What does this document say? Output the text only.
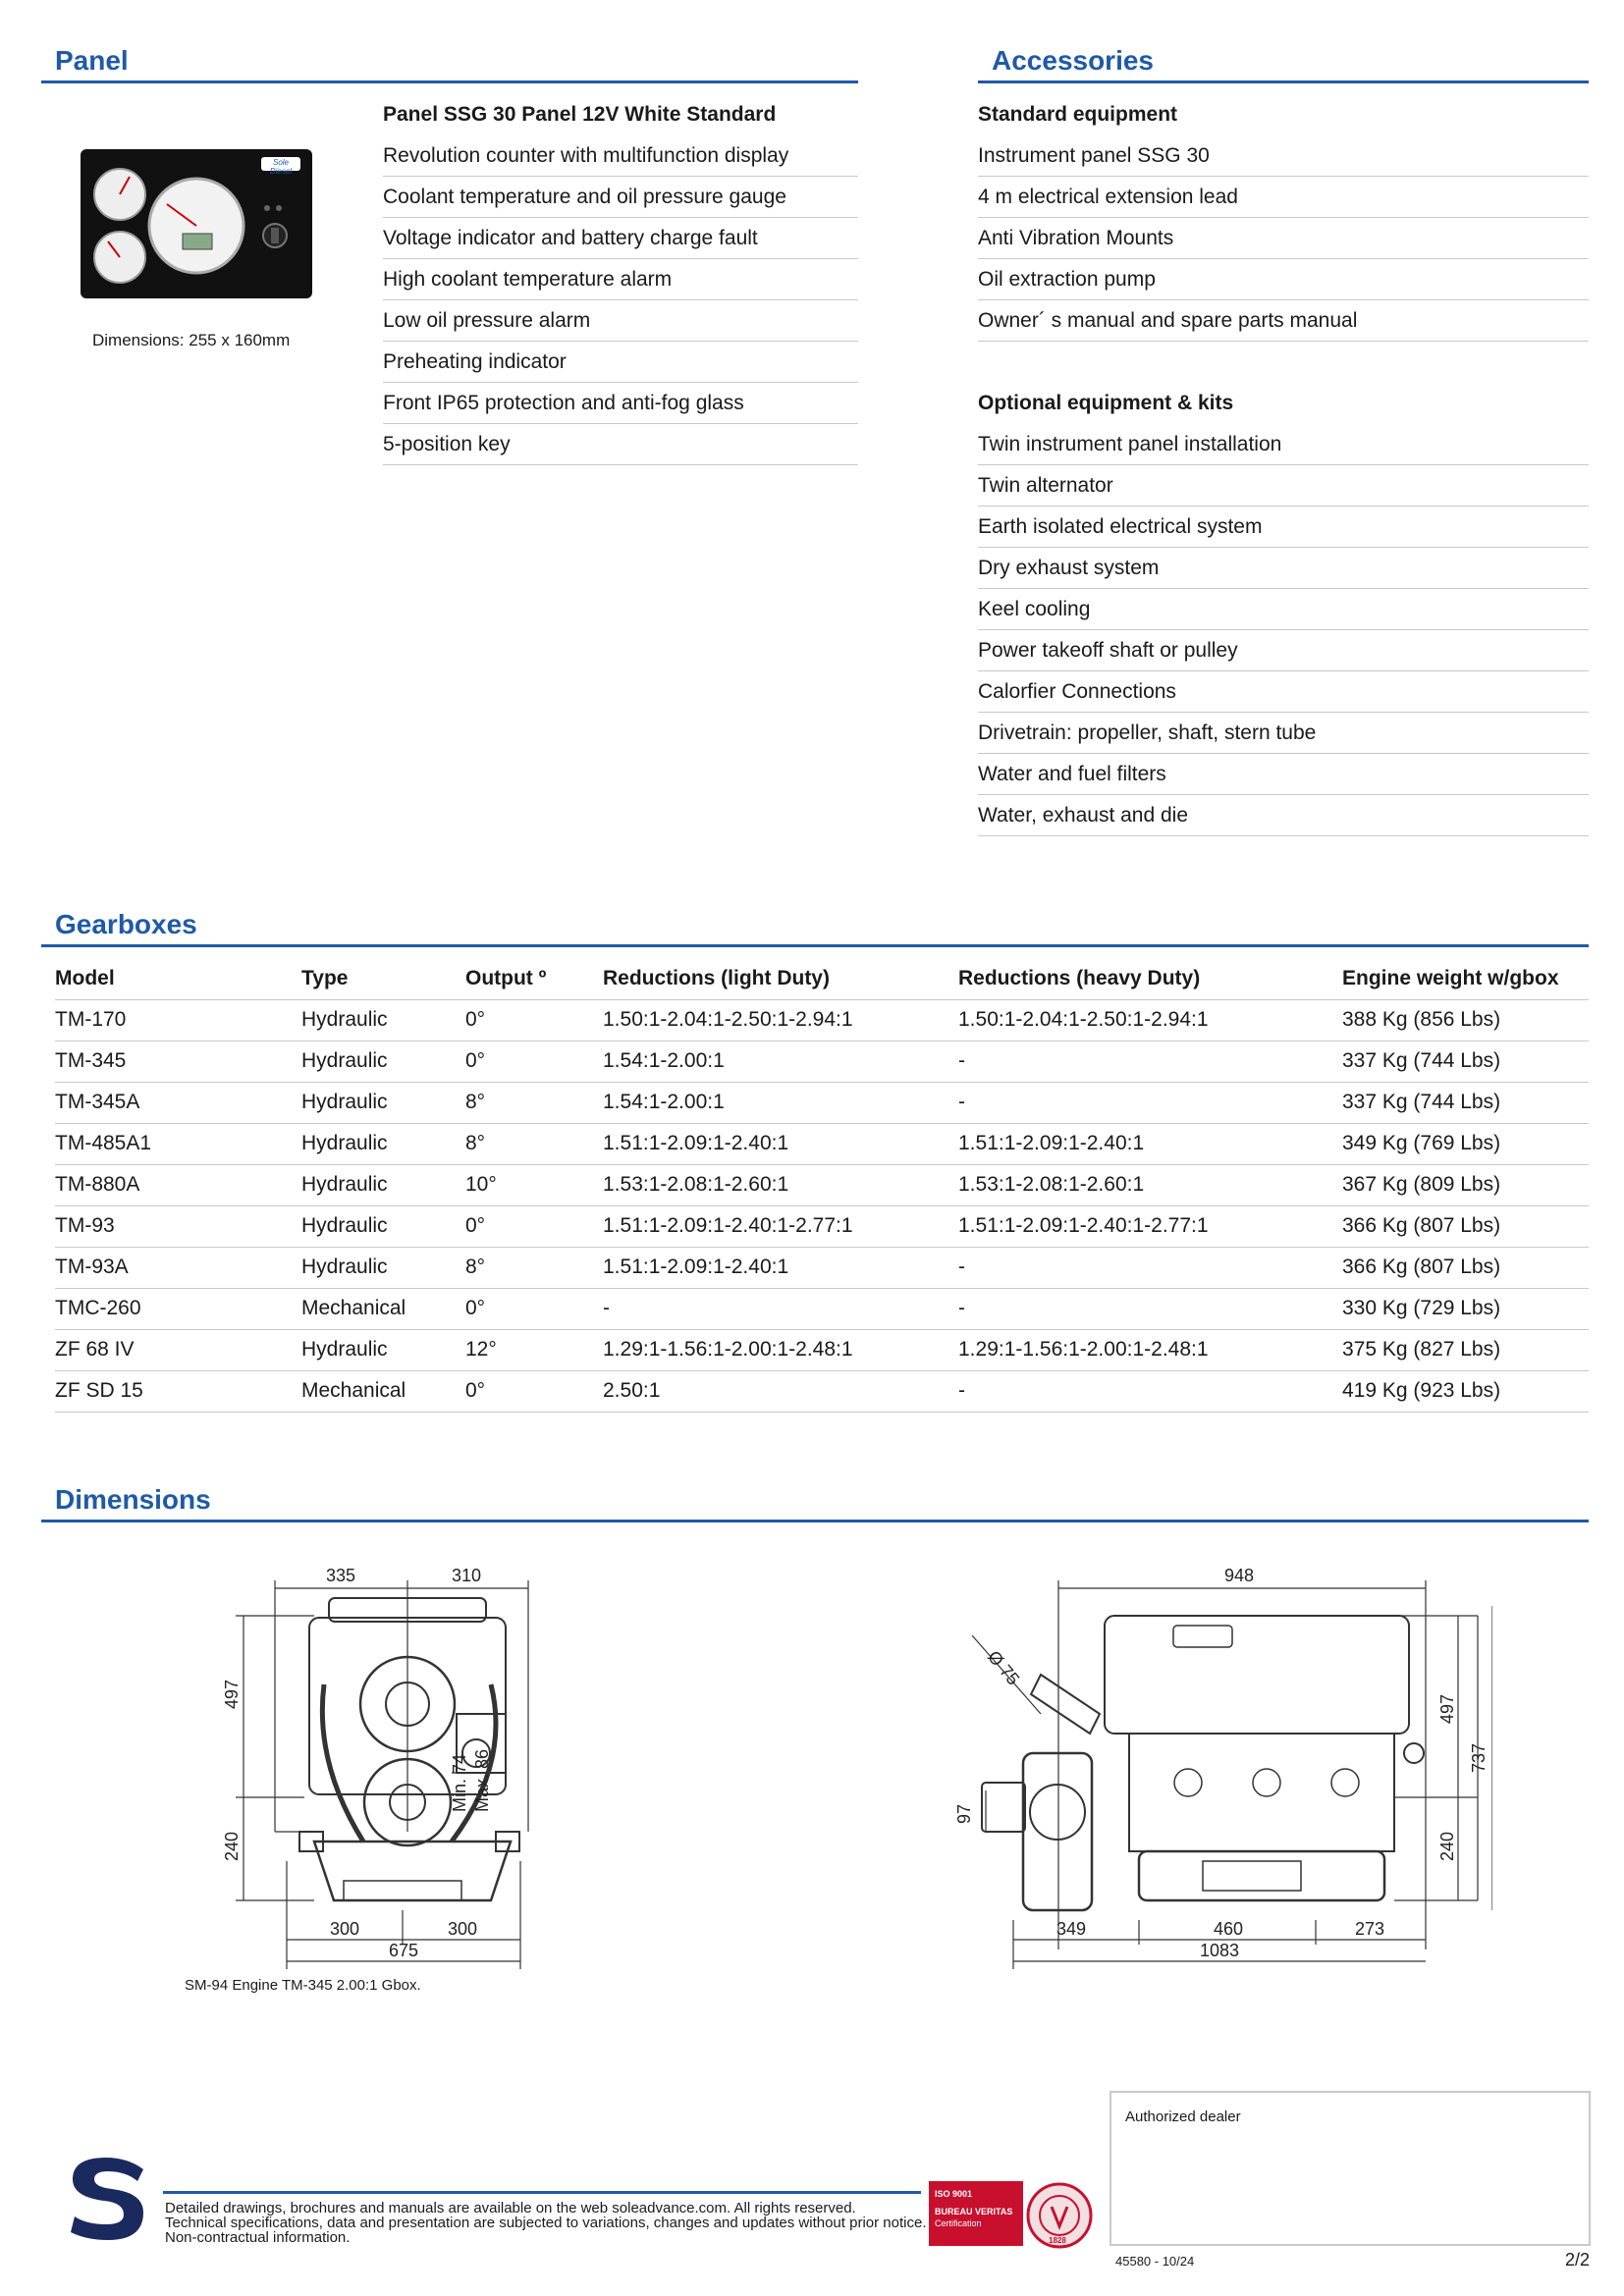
Panel
Sole Diesel
Dimensions: 255 x 160mm
Panel SSG 30 Panel 12V White Standard
Revolution counter with multifunction display
Coolant temperature and oil pressure gauge
Voltage indicator and battery charge fault
High coolant temperature alarm
Low oil pressure alarm
Preheating indicator
Front IP65 protection and anti-fog glass
5-position key
Accessories
Standard equipment
Instrument panel SSG 30
4 m electrical extension lead
Anti Vibration Mounts
Oil extraction pump
Owner´ s manual and spare parts manual
Optional equipment & kits
Twin instrument panel installation
Twin alternator
Earth isolated electrical system
Dry exhaust system
Keel cooling
Power takeoff shaft or pulley
Calorfier Connections
Drivetrain: propeller, shaft, stern tube
Water and fuel filters
Water, exhaust and die
Gearboxes
Model	Type	Output º	Reductions (light Duty)	Reductions (heavy Duty)	Engine weight w/gbox
TM-170	Hydraulic	0°	1.50:1-2.04:1-2.50:1-2.94:1	1.50:1-2.04:1-2.50:1-2.94:1	388 Kg (856 Lbs)
TM-345	Hydraulic	0°	1.54:1-2.00:1	-	337 Kg (744 Lbs)
TM-345A	Hydraulic	8°	1.54:1-2.00:1	-	337 Kg (744 Lbs)
TM-485A1	Hydraulic	8°	1.51:1-2.09:1-2.40:1	1.51:1-2.09:1-2.40:1	349 Kg (769 Lbs)
TM-880A	Hydraulic	10°	1.53:1-2.08:1-2.60:1	1.53:1-2.08:1-2.60:1	367 Kg (809 Lbs)
TM-93	Hydraulic	0°	1.51:1-2.09:1-2.40:1-2.77:1	1.51:1-2.09:1-2.40:1-2.77:1	366 Kg (807 Lbs)
TM-93A	Hydraulic	8°	1.51:1-2.09:1-2.40:1	-	366 Kg (807 Lbs)
TMC-260	Mechanical	0°	-	-	330 Kg (729 Lbs)
ZF 68 IV	Hydraulic	12°	1.29:1-1.56:1-2.00:1-2.48:1	1.29:1-1.56:1-2.00:1-2.48:1	375 Kg (827 Lbs)
ZF SD 15	Mechanical	0°	2.50:1	-	419 Kg (923 Lbs)
Dimensions
335	310
497
240
Min. 74 Max. 86
300	300
675
SM-94 Engine TM-345 2.00:1 Gbox.
948
Ø 75
97
497
737
240
349	460	273
1083
Detailed drawings, brochures and manuals are available on the web soleadvance.com. All rights reserved.
Technical specifications, data and presentation are subjected to variations, changes and updates without prior notice.
Non-contractual information.
ISO 9001
BUREAU VERITAS
Certification
1828
Authorized dealer
45580 - 10/24	2/2
